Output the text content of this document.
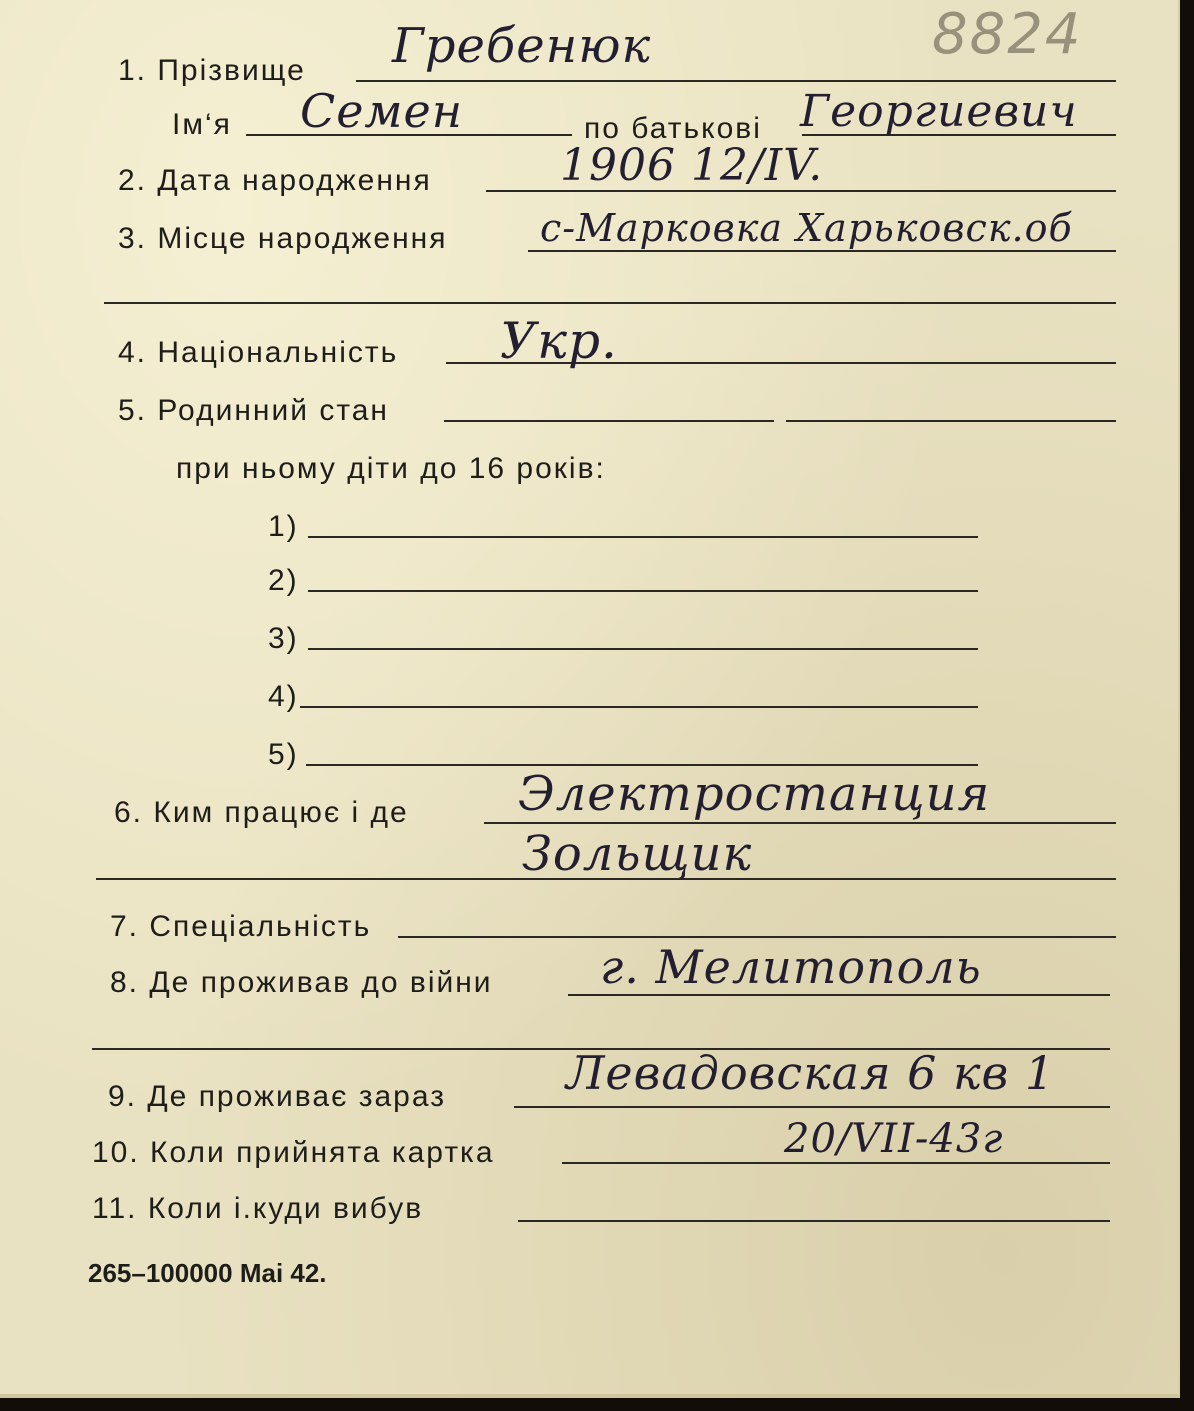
8824
1. Прізвище Гребенюк
Ім‘я Семен	по батькові Георгиевич
2. Дата народження	1906 12/IV.
3. Місце народження с-Марковка Харьковск.об
4. Національність Укр.
5. Родинний стан
при ньому діти до 16 років:
1)
2)
3)
4)
5)
6. Ким працює і де Электростанция
Зольщик
7. Спеціальність
8. Де проживав до війни г. Мелитополь
9. Де проживає зараз	Левадовская 6 кв 1
10. Коли прийнята картка	20/VII-43г
11. Коли і.куди вибув
265–100000 Mai 42.
